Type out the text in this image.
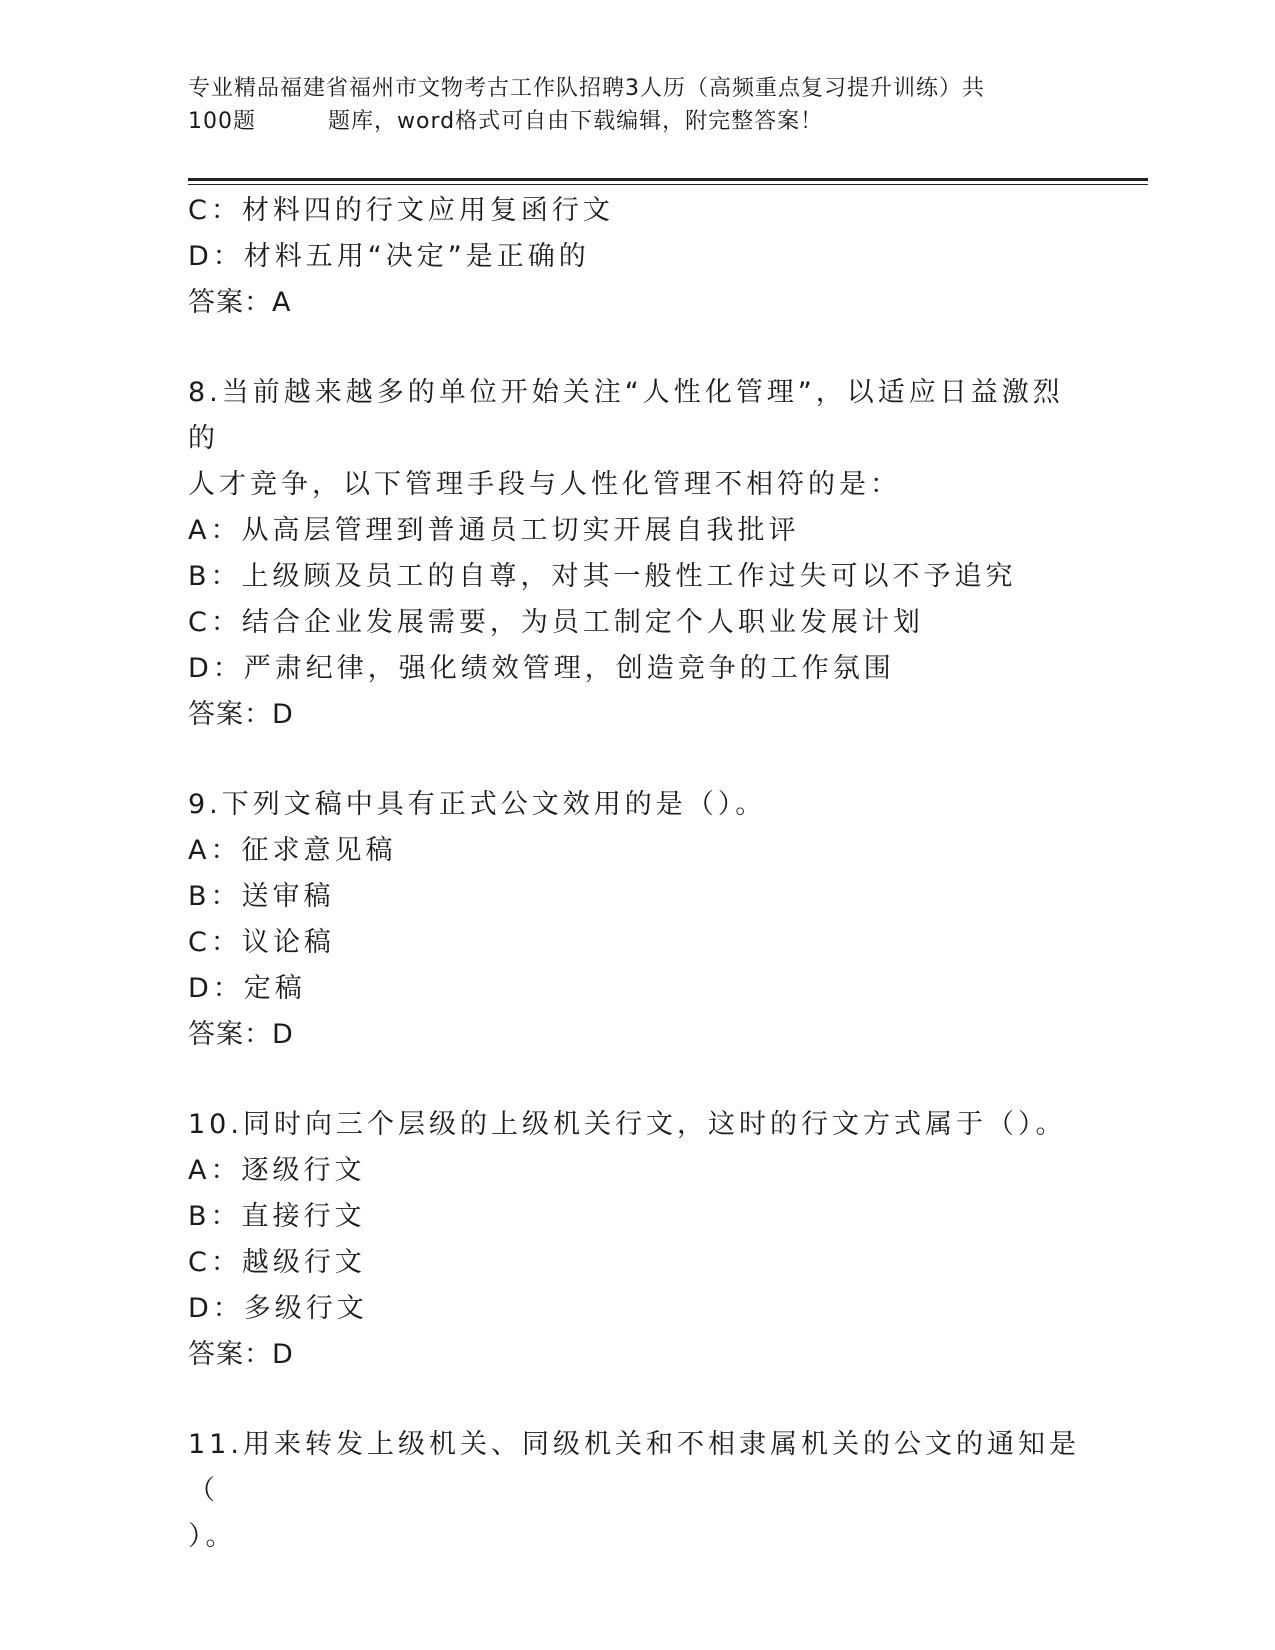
专业精品福建省福州市文物考古工作队招聘3人历（高频重点复习提升训练）共
100题	题库，word格式可自由下载编辑，附完整答案！
C：材料四的行文应用复函行文
D：材料五用“决定”是正确的
答案：A
8.当前越来越多的单位开始关注“人性化管理”，以适应日益激烈的
人才竞争，以下管理手段与人性化管理不相符的是：
A：从高层管理到普通员工切实开展自我批评
B：上级顾及员工的自尊，对其一般性工作过失可以不予追究
C：结合企业发展需要，为员工制定个人职业发展计划
D：严肃纪律，强化绩效管理，创造竞争的工作氛围
答案：D
9.下列文稿中具有正式公文效用的是（）。
A：征求意见稿
B：送审稿
C：议论稿
D：定稿
答案：D
10.同时向三个层级的上级机关行文，这时的行文方式属于（）。
A：逐级行文
B：直接行文
C：越级行文
D：多级行文
答案：D
11.用来转发上级机关、同级机关和不相隶属机关的公文的通知是（
）。
